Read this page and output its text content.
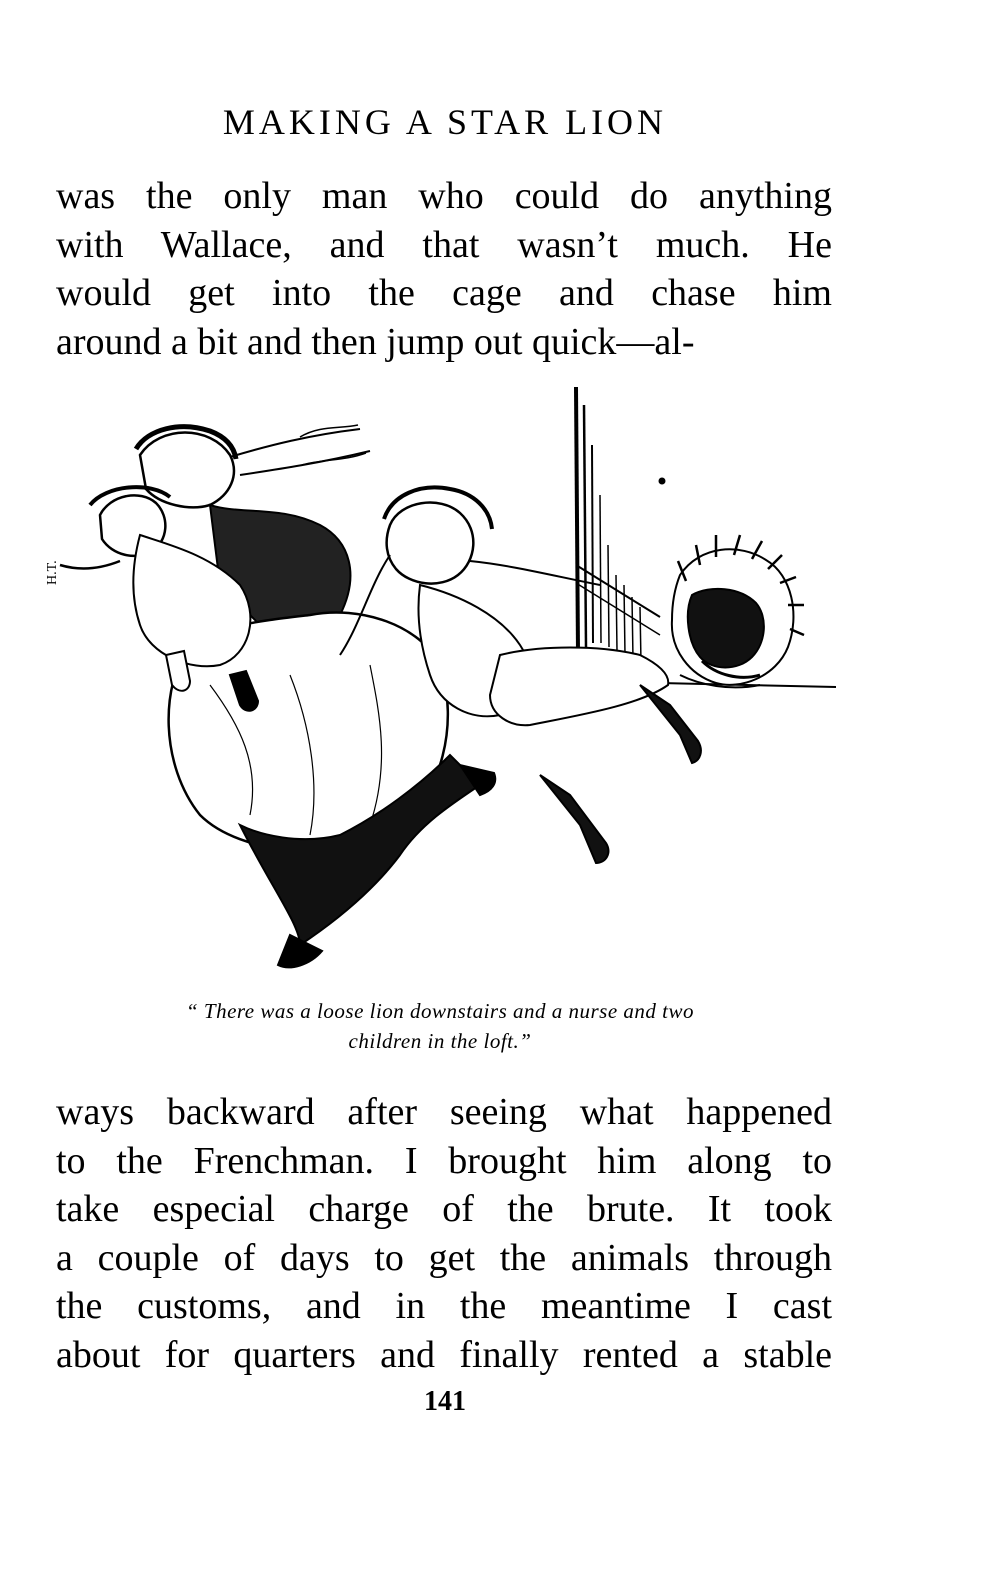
MAKING A STAR LION
was the only man who could do anything
with Wallace, and that wasn’t much. He
would get into the cage and chase him
around a bit and then jump out quick—al-
H.T.
“ There was a loose lion downstairs and a nurse and two
children in the loft.”
ways backward after seeing what happened
to the Frenchman. I brought him along to
take especial charge of the brute. It took
a couple of days to get the animals through
the customs, and in the meantime I cast
about for quarters and finally rented a stable
141
